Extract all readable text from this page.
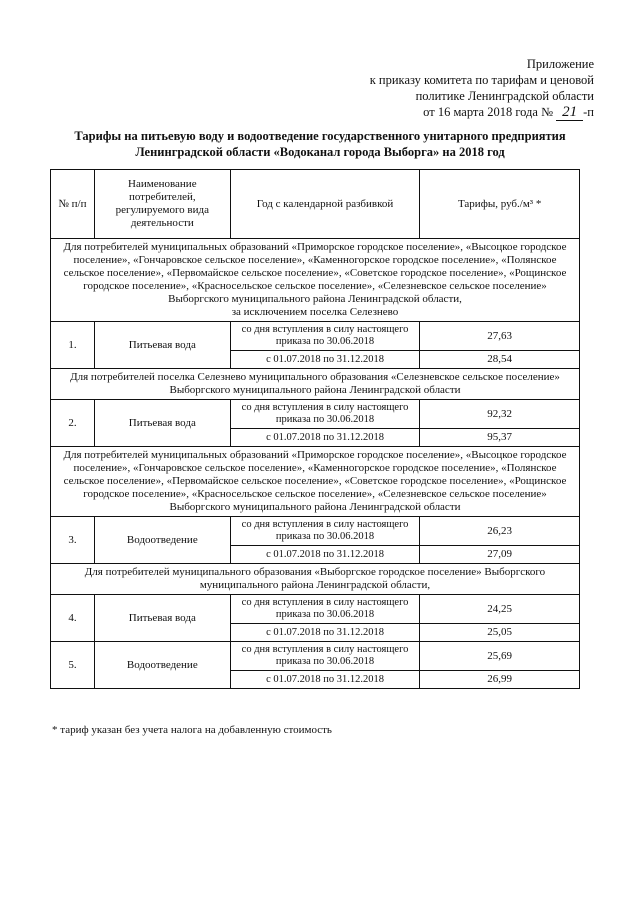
Приложение
к приказу комитета по тарифам и ценовой
политике Ленинградской области
от 16 марта 2018 года № 21 -п
Тарифы на питьевую воду и водоотведение государственного унитарного предприятия
Ленинградской области «Водоканал города Выборга» на 2018 год
№ п/п	Наименование потребителей, регулируемого вида деятельности	Год с календарной разбивкой	Тарифы, руб./м³ *
Для потребителей муниципальных образований «Приморское городское поселение», «Высоцкое городское поселение», «Гончаровское сельское поселение», «Каменногорское городское поселение», «Полянское сельское поселение», «Первомайское сельское поселение», «Советское городское поселение», «Рощинское городское поселение», «Красносельское сельское поселение», «Селезневское сельское поселение» Выборгского муниципального района Ленинградской области,
за исключением поселка Селезнево			
1.	Питьевая вода	со дня вступления в силу настоящего приказа по 30.06.2018	27,63
		с 01.07.2018 по 31.12.2018	28,54
Для потребителей поселка Селезнево муниципального образования «Селезневское сельское поселение» Выборгского муниципального района Ленинградской области			
2.	Питьевая вода	со дня вступления в силу настоящего приказа по 30.06.2018	92,32
		с 01.07.2018 по 31.12.2018	95,37
Для потребителей муниципальных образований «Приморское городское поселение», «Высоцкое городское поселение», «Гончаровское сельское поселение», «Каменногорское городское поселение», «Полянское сельское поселение», «Первомайское сельское поселение», «Советское городское поселение», «Рощинское городское поселение», «Красносельское сельское поселение», «Селезневское сельское поселение» Выборгского муниципального района Ленинградской области			
3.	Водоотведение	со дня вступления в силу настоящего приказа по 30.06.2018	26,23
		с 01.07.2018 по 31.12.2018	27,09
Для потребителей муниципального образования «Выборгское городское поселение» Выборгского муниципального района Ленинградской области,			
4.	Питьевая вода	со дня вступления в силу настоящего приказа по 30.06.2018	24,25
		с 01.07.2018 по 31.12.2018	25,05
5.	Водоотведение	со дня вступления в силу настоящего приказа по 30.06.2018	25,69
		с 01.07.2018 по 31.12.2018	26,99
* тариф указан без учета налога на добавленную стоимость
